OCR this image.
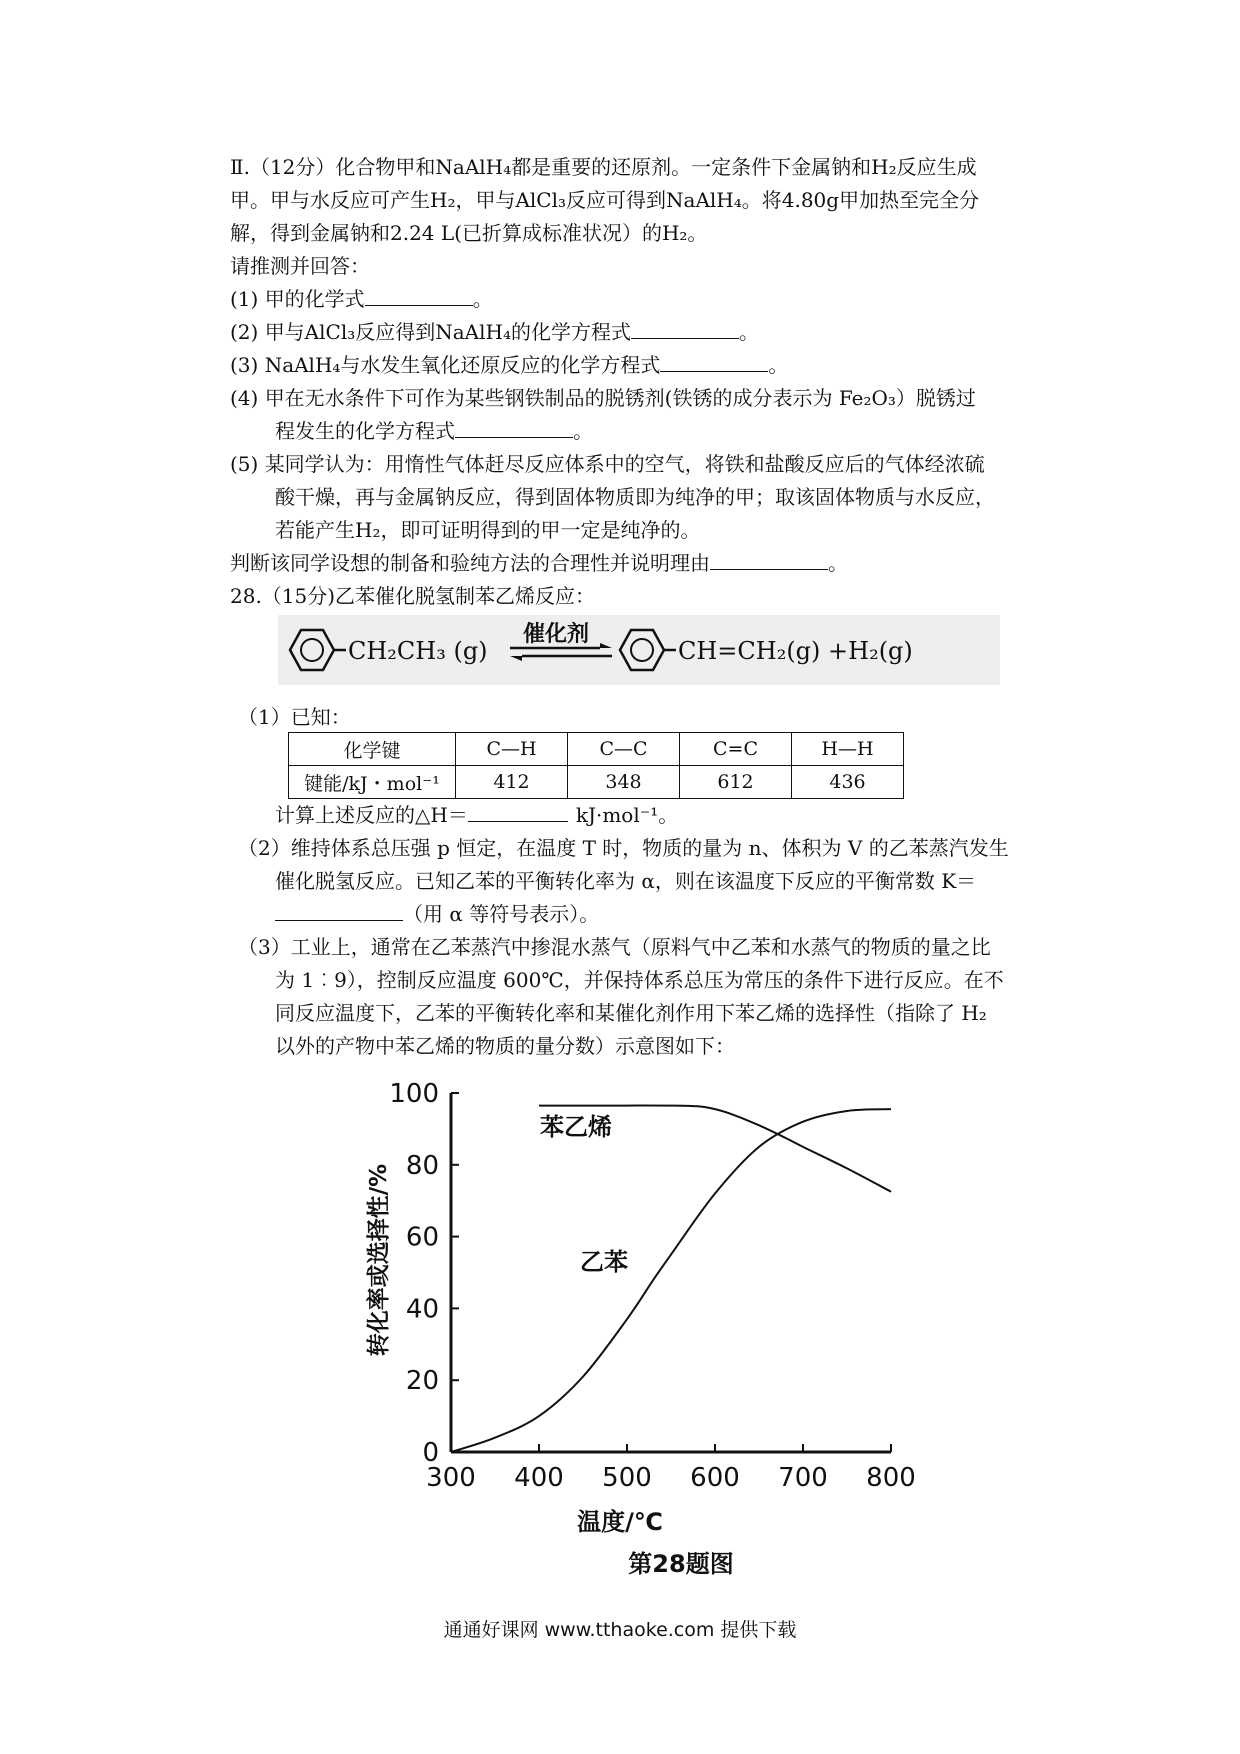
Ⅱ.（12分）化合物甲和NaAlH₄都是重要的还原剂。一定条件下金属钠和H₂反应生成
甲。甲与水反应可产生H₂，甲与AlCl₃反应可得到NaAlH₄。将4.80g甲加热至完全分
解，得到金属钠和2.24 L(已折算成标准状况）的H₂。
请推测并回答：
(1) 甲的化学式	。
(2) 甲与AlCl₃反应得到NaAlH₄的化学方程式	。
(3) NaAlH₄与水发生氧化还原反应的化学方程式	。
(4) 甲在无水条件下可作为某些钢铁制品的脱锈剂(铁锈的成分表示为 Fe₂O₃）脱锈过
程发生的化学方程式	。
(5) 某同学认为：用惰性气体赶尽反应体系中的空气，将铁和盐酸反应后的气体经浓硫
酸干燥，再与金属钠反应，得到固体物质即为纯净的甲；取该固体物质与水反应，
若能产生H₂，即可证明得到的甲一定是纯净的。
判断该同学设想的制备和验纯方法的合理性并说明理由	。
28.（15分)乙苯催化脱氢制苯乙烯反应：
CH₂CH₃ (g)
催化剂
CH=CH₂(g) +H₂(g)
（1）已知：
化学键	C—H	C—C	C=C	H—H
键能/kJ・mol⁻¹	412	348	612	436
计算上述反应的△H＝	kJ·mol⁻¹。
（2）维持体系总压强 p 恒定，在温度 T 时，物质的量为 n、体积为 V 的乙苯蒸汽发生
催化脱氢反应。已知乙苯的平衡转化率为 α，则在该温度下反应的平衡常数 K＝
（用 α 等符号表示）。
（3）工业上，通常在乙苯蒸汽中掺混水蒸气（原料气中乙苯和水蒸气的物质的量之比
为 1︰9），控制反应温度 600℃，并保持体系总压为常压的条件下进行反应。在不
同反应温度下，乙苯的平衡转化率和某催化剂作用下苯乙烯的选择性（指除了 H₂
以外的产物中苯乙烯的物质的量分数）示意图如下：
0
20
40
60
80
100
300 400 500 600 700 800
苯乙烯
乙苯
温度/℃
转化率或选择性/%
第28题图
通通好课网 www.tthaoke.com 提供下载
